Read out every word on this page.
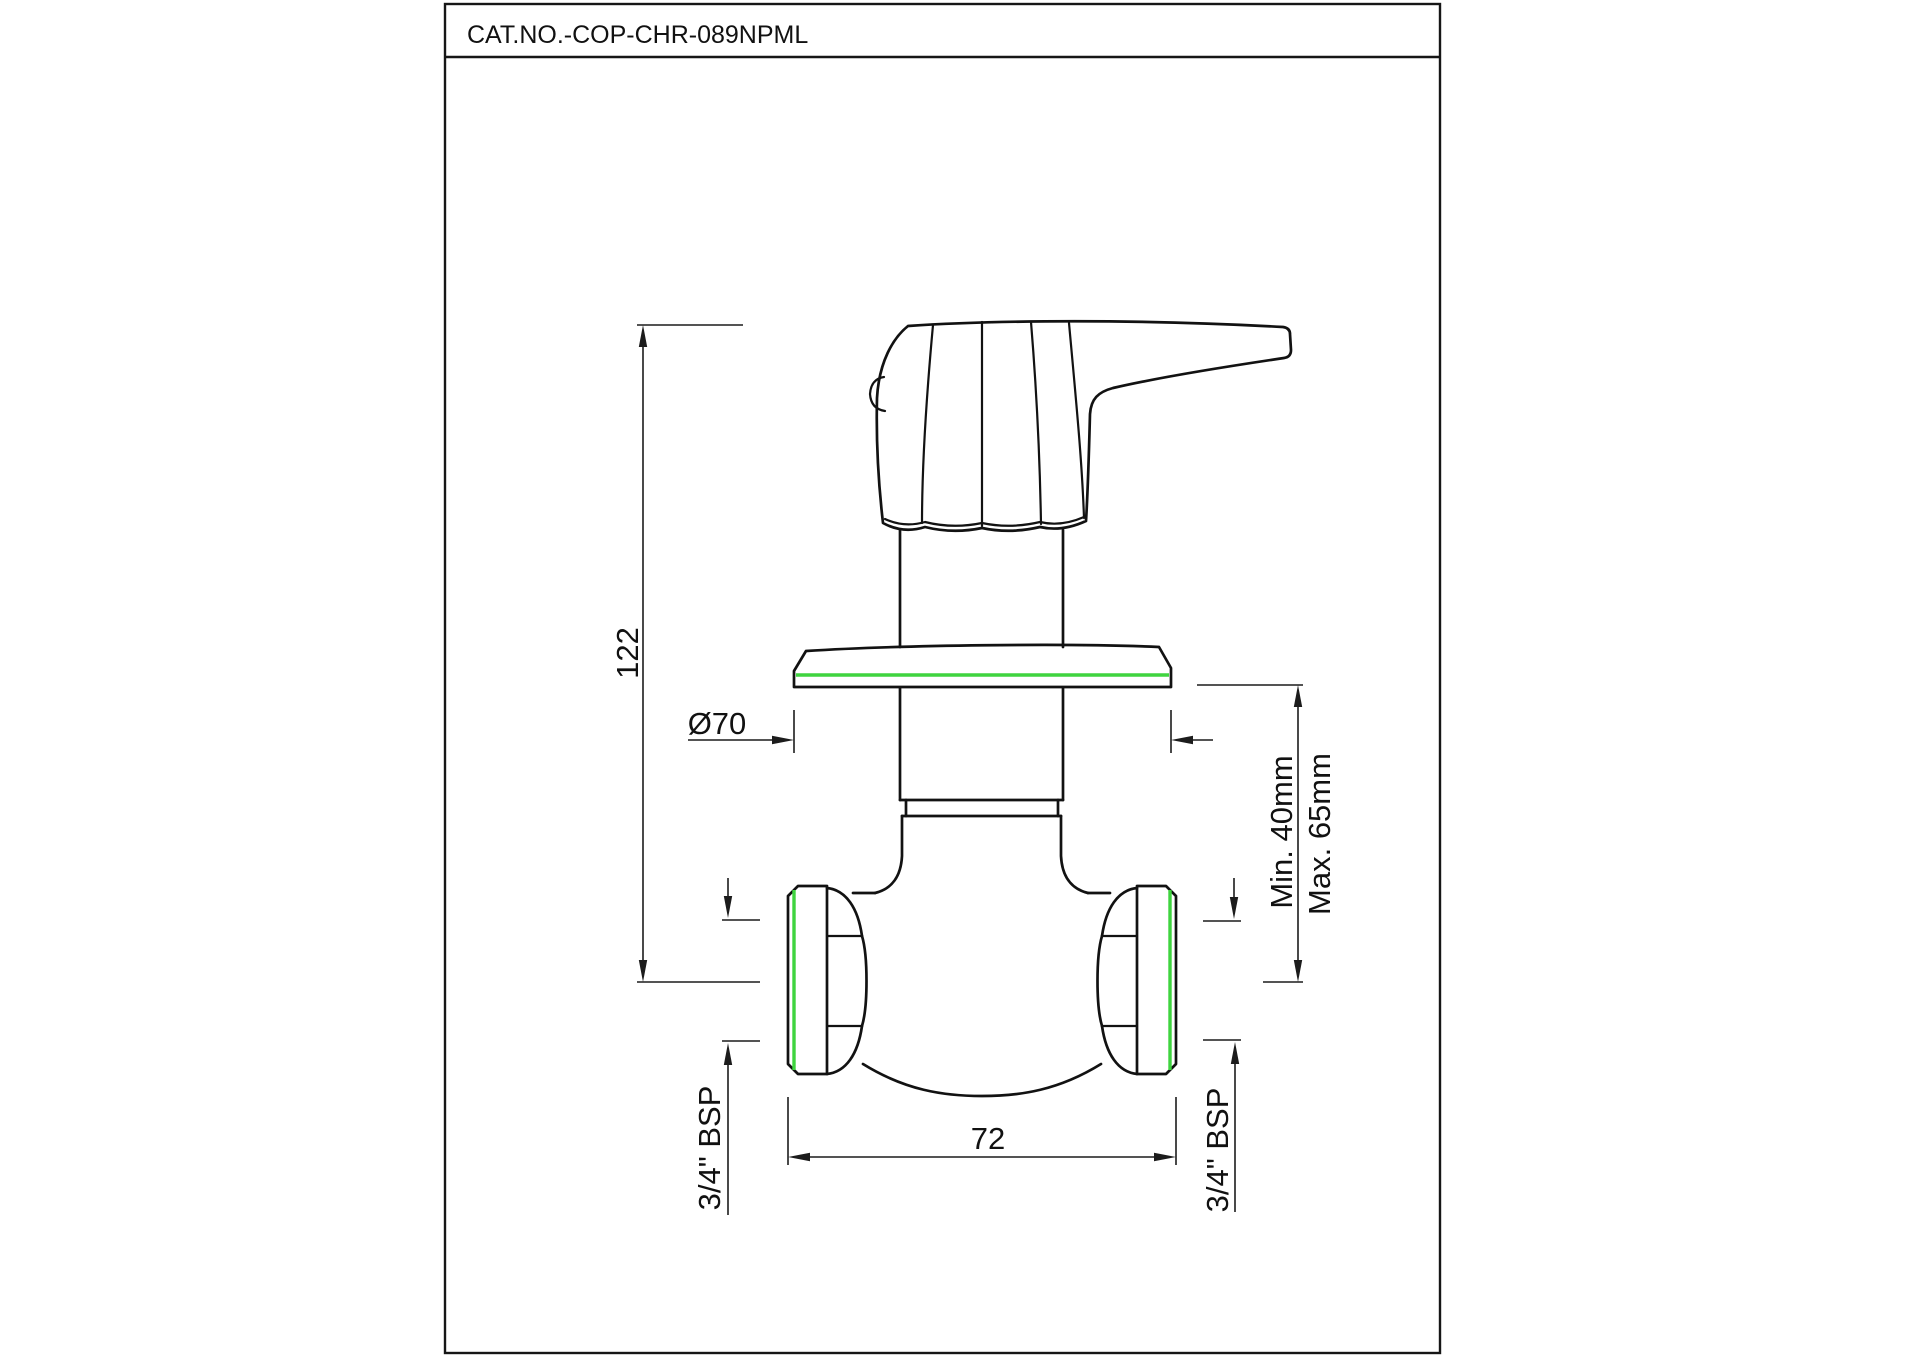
CAT.NO.-COP-CHR-089NPML
122
Ø70
Min. 40mm Max. 65mm
3/4" BSP	3/4" BSP
72
